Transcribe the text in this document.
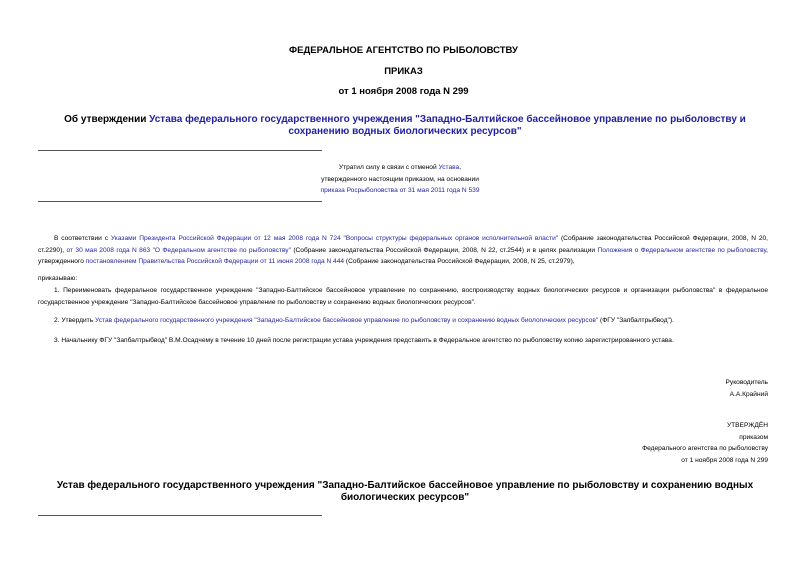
ФЕДЕРАЛЬНОЕ АГЕНТСТВО ПО РЫБОЛОВСТВУ
ПРИКАЗ
от 1 ноября 2008 года N 299
Об утверждении Устава федерального государственного учреждения "Западно-Балтийское бассейновое управление по рыболовству и сохранению водных биологических ресурсов"
Утратил силу в связи с отменой Устава,
утвержденного настоящим приказом, на основании
приказа Росрыболовства от 31 мая 2011 года N 539
В соответствии с Указами Президента Российской Федерации от 12 мая 2008 года N 724 "Вопросы структуры федеральных органов исполнительной власти" (Собрание законодательства Российской Федерации, 2008, N 20, ст.2290), от 30 мая 2008 года N 863 "О Федеральном агентстве по рыболовству" (Собрание законодательства Российской Федерации, 2008, N 22, ст.2544) и в целях реализации Положения о Федеральном агентстве по рыболовству, утвержденного постановлением Правительства Российской Федерации от 11 июня 2008 года N 444 (Собрание законодательства Российской Федерации, 2008, N 25, ст.2979),
приказываю:
1. Переименовать федеральное государственное учреждение "Западно-Балтийское бассейновое управление по сохранению, воспроизводству водных биологических ресурсов и организации рыболовства" в федеральное государственное учреждение "Западно-Балтийское бассейновое управление по рыболовству и сохранению водных биологических ресурсов".
2. Утвердить Устав федерального государственного учреждения "Западно-Балтийское бассейновое управление по рыболовству и сохранению водных биологических ресурсов" (ФГУ "Запбалтрыбвод").
3. Начальнику ФГУ "Запбалтрыбвод" В.М.Осадчему в течение 10 дней после регистрации устава учреждения представить в Федеральное агентство по рыболовству копию зарегистрированного устава.
Руководитель
А.А.Крайний
УТВЕРЖДЁН
приказом
Федерального агентства по рыболовству
от 1 ноября 2008 года N 299
Устав федерального государственного учреждения "Западно-Балтийское бассейновое управление по рыболовству и сохранению водных биологических ресурсов"
